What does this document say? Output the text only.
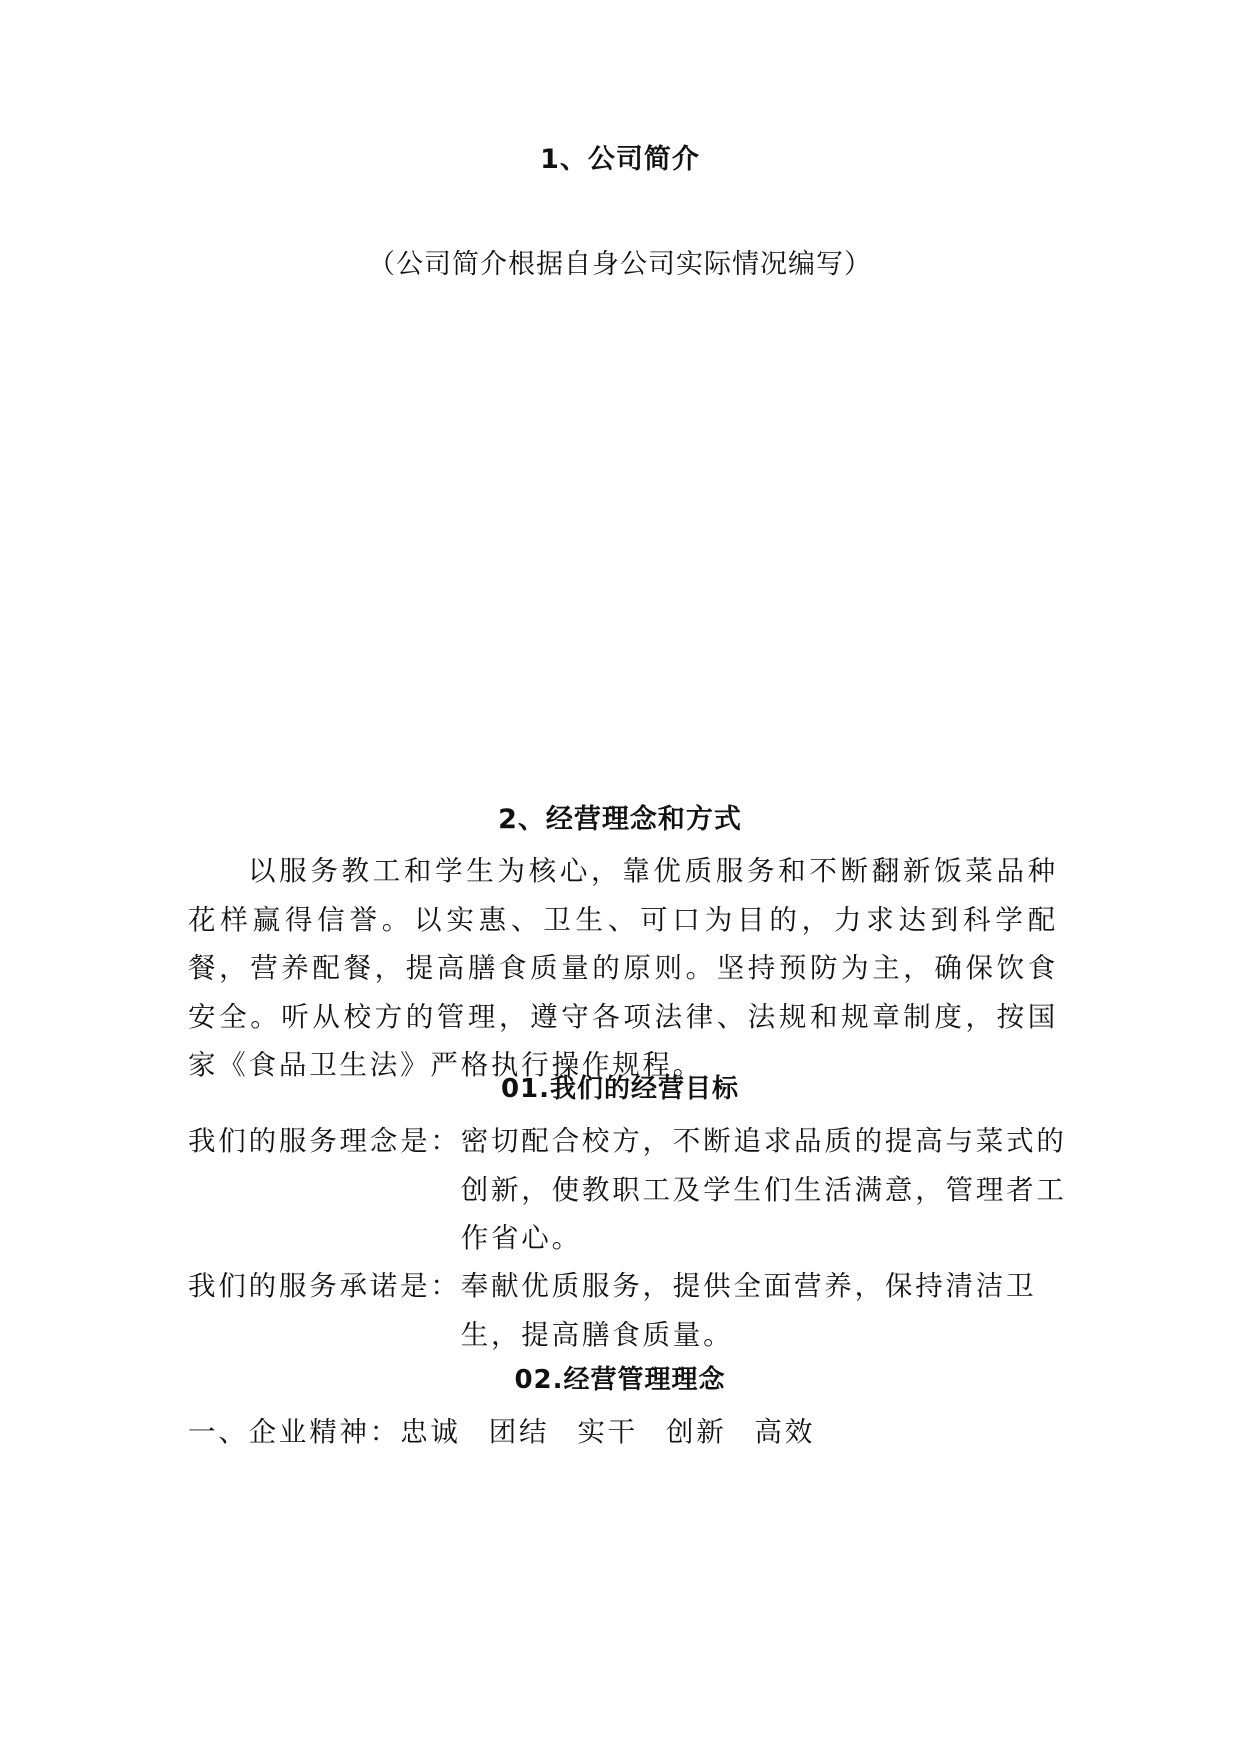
1、公司简介
（公司简介根据自身公司实际情况编写）
2、经营理念和方式

以服务教工和学生为核心，靠优质服务和不断翻新饭菜品种花样赢得信誉。以实惠、卫生、可口为目的，力求达到科学配餐，营养配餐，提高膳食质量的原则。坚持预防为主，确保饮食安全。听从校方的管理，遵守各项法律、法规和规章制度，按国家《食品卫生法》严格执行操作规程。

01.我们的经营目标
我们的服务理念是： 密切配合校方，不断追求品质的提高与菜式的创新，使教职工及学生们生活满意，管理者工作省心。
我们的服务承诺是： 奉献优质服务，提供全面营养，保持清洁卫生，提高膳食质量。
02.经营管理理念
一、企业精神：忠诚 团结 实干 创新 高效
